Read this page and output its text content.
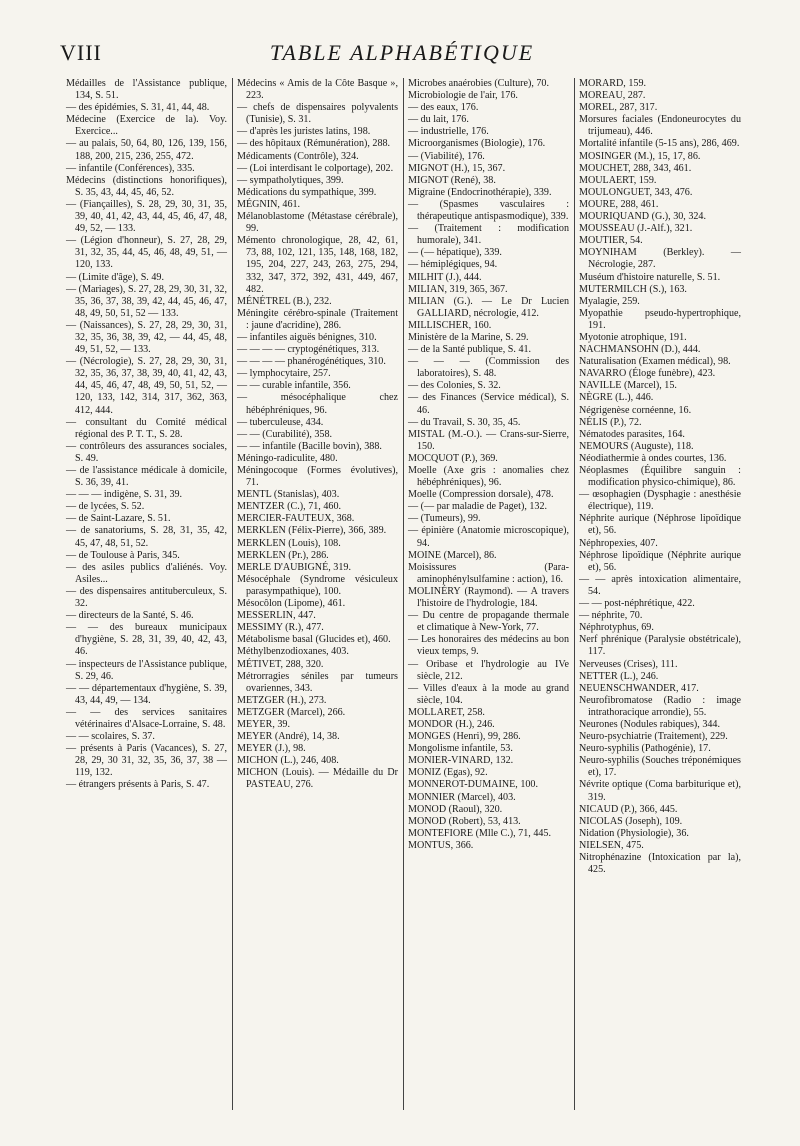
VIII	TABLE ALPHABÉTIQUE

Médailles de l'Assistance publique, 134, S. 51.

— des épidémies, S. 31, 41, 44, 48.

Médecine (Exercice de la). Voy. Exercice...

— au palais, 50, 64, 80, 126, 139, 156, 188, 200, 215, 236, 255, 472.

— infantile (Conférences), 335.

Médecins (distinctions honorifiques), S. 35, 43, 44, 45, 46, 52.

— (Fiançailles), S. 28, 29, 30, 31, 35, 39, 40, 41, 42, 43, 44, 45, 46, 47, 48, 49, 52, — 133.

— (Légion d'honneur), S. 27, 28, 29, 31, 32, 35, 44, 45, 46, 48, 49, 51, — 120, 133.

— (Limite d'âge), S. 49.

— (Mariages), S. 27, 28, 29, 30, 31, 32, 35, 36, 37, 38, 39, 42, 44, 45, 46, 47, 48, 49, 50, 51, 52 — 133.

— (Naissances), S. 27, 28, 29, 30, 31, 32, 35, 36, 38, 39, 42, — 44, 45, 48, 49, 51, 52, — 133.

— (Nécrologie), S. 27, 28, 29, 30, 31, 32, 35, 36, 37, 38, 39, 40, 41, 42, 43, 44, 45, 46, 47, 48, 49, 50, 51, 52, — 120, 133, 142, 314, 317, 362, 363, 412, 444.

— consultant du Comité médical régional des P. T. T., S. 28.

— contrôleurs des assurances sociales, S. 49.

— de l'assistance médicale à domicile, S. 36, 39, 41.

— — — indigène, S. 31, 39.

— de lycées, S. 52.

— de Saint-Lazare, S. 51.

— de sanatoriums, S. 28, 31, 35, 42, 45, 47, 48, 51, 52.

— de Toulouse à Paris, 345.

— des asiles publics d'aliénés. Voy. Asiles...

— des dispensaires antituberculeux, S. 32.

— directeurs de la Santé, S. 46.

— — des bureaux municipaux d'hygiène, S. 28, 31, 39, 40, 42, 43, 46.

— inspecteurs de l'Assistance publique, S. 29, 46.

— — départementaux d'hygiène, S. 39, 43, 44, 49, — 134.

— — des services sanitaires vétérinaires d'Alsace-Lorraine, S. 48.

— — scolaires, S. 37.

— présents à Paris (Vacances), S. 27, 28, 29, 30 31, 32, 35, 36, 37, 38 — 119, 132.

— étrangers présents à Paris, S. 47.

Médecins « Amis de la Côte Basque », 223.

— chefs de dispensaires polyvalents (Tunisie), S. 31.

— d'après les juristes latins, 198.

— des hôpitaux (Rémunération), 288.

Médicaments (Contrôle), 324.

— (Loi interdisant le colportage), 202.

— sympatholytiques, 399.

Médications du sympathique, 399.

MÉGNIN, 461.

Mélanoblastome (Métastase cérébrale), 99.

Mémento chronologique, 28, 42, 61, 73, 88, 102, 121, 135, 148, 168, 182, 195, 204, 227, 243, 263, 275, 294, 332, 347, 372, 392, 431, 449, 467, 482.

MÉNÉTREL (B.), 232.

Méningite cérébro-spinale (Traitement : jaune d'acridine), 286.

— infantiles aiguës bénignes, 310.

— — — — cryptogénétiques, 313.

— — — — phanérogénétiques, 310.

— lymphocytaire, 257.

— — curable infantile, 356.

— mésocéphalique chez hébéphréniques, 96.

— tuberculeuse, 434.

— — (Curabilité), 358.

— — infantile (Bacille bovin), 388.

Méningo-radiculite, 480.

Méningocoque (Formes évolutives), 71.

MENTL (Stanislas), 403.

MENTZER (C.), 71, 460.

MERCIER-FAUTEUX, 368.

MERKLEN (Félix-Pierre), 366, 389.

MERKLEN (Louis), 108.

MERKLEN (Pr.), 286.

MERLE D'AUBIGNÉ, 319.

Mésocéphale (Syndrome vésiculeux parasympathique), 100.

Mésocôlon (Lipome), 461.

MESSERLIN, 447.

MESSIMY (R.), 477.

Métabolisme basal (Glucides et), 460.

Méthylbenzodioxanes, 403.

MÉTIVET, 288, 320.

Métrorragies séniles par tumeurs ovariennes, 343.

METZGER (H.), 273.

METZGER (Marcel), 266.

MEYER, 39.

MEYER (André), 14, 38.

MEYER (J.), 98.

MICHON (L.), 246, 408.

MICHON (Louis). — Médaille du Dr PASTEAU, 276.

Microbes anaérobies (Culture), 70.

Microbiologie de l'air, 176.

— des eaux, 176.

— du lait, 176.

— industrielle, 176.

Microorganismes (Biologie), 176.

— (Viabilité), 176.

MIGNOT (H.), 15, 367.

MIGNOT (René), 38.

Migraine (Endocrinothérapie), 339.

— (Spasmes vasculaires : thérapeutique antispasmodique), 339.

— (Traitement : modification humorale), 341.

— (— hépatique), 339.

— hémiplégiques, 94.

MILHIT (J.), 444.

MILIAN, 319, 365, 367.

MILIAN (G.). — Le Dr Lucien GALLIARD, nécrologie, 412.

MILLISCHER, 160.

Ministère de la Marine, S. 29.

— de la Santé publique, S. 41.

— — — (Commission des laboratoires), S. 48.

— des Colonies, S. 32.

— des Finances (Service médical), S. 46.

— du Travail, S. 30, 35, 45.

MISTAL (M.-O.). — Crans-sur-Sierre, 150.

MOCQUOT (P.), 369.

Moelle (Axe gris : anomalies chez hébéphréniques), 96.

Moelle (Compression dorsale), 478.

— (— par maladie de Paget), 132.

— (Tumeurs), 99.

— épinière (Anatomie microscopique), 94.

MOINE (Marcel), 86.

Moisissures (Para-aminophénylsulfamine : action), 16.

MOLINÉRY (Raymond). — A travers l'histoire de l'hydrologie, 184.

— Du centre de propagande thermale et climatique à New-York, 77.

— Les honoraires des médecins au bon vieux temps, 9.

— Oribase et l'hydrologie au IVe siècle, 212.

— Villes d'eaux à la mode au grand siècle, 104.

MOLLARET, 258.

MONDOR (H.), 246.

MONGES (Henri), 99, 286.

Mongolisme infantile, 53.

MONIER-VINARD, 132.

MONIZ (Egas), 92.

MONNEROT-DUMAINE, 100.

MONNIER (Marcel), 403.

MONOD (Raoul), 320.

MONOD (Robert), 53, 413.

MONTEFIORE (Mlle C.), 71, 445.

MONTUS, 366.

MORARD, 159.

MOREAU, 287.

MOREL, 287, 317.

Morsures faciales (Endoneurocytes du trijumeau), 446.

Mortalité infantile (5-15 ans), 286, 469.

MOSINGER (M.), 15, 17, 86.

MOUCHET, 288, 343, 461.

MOULAERT, 159.

MOULONGUET, 343, 476.

MOURE, 288, 461.

MOURIQUAND (G.), 30, 324.

MOUSSEAU (J.-Alf.), 321.

MOUTIER, 54.

MOYNIHAM (Berkley). — Nécrologie, 287.

Muséum d'histoire naturelle, S. 51.

MUTERMILCH (S.), 163.

Myalagie, 259.

Myopathie pseudo-hypertrophique, 191.

Myotonie atrophique, 191.

NACHMANSOHN (D.), 444.

Naturalisation (Examen médical), 98.

NAVARRO (Éloge funèbre), 423.

NAVILLE (Marcel), 15.

NÈGRE (L.), 446.

Négrigenèse cornéenne, 16.

NÉLIS (P.), 72.

Nématodes parasites, 164.

NEMOURS (Auguste), 118.

Néodiathermie à ondes courtes, 136.

Néoplasmes (Équilibre sanguin : modification physico-chimique), 86.

— œsophagien (Dysphagie : anesthésie électrique), 119.

Néphrite aurique (Néphrose lipoïdique et), 56.

Néphropexies, 407.

Néphrose lipoïdique (Néphrite aurique et), 56.

— — après intoxication alimentaire, 54.

— — post-néphrétique, 422.

— néphrite, 70.

Néphrotyphus, 69.

Nerf phrénique (Paralysie obstétricale), 117.

Nerveuses (Crises), 111.

NETTER (L.), 246.

NEUENSCHWANDER, 417.

Neurofibromatose (Radio : image intrathoracique arrondie), 55.

Neurones (Nodules rabiques), 344.

Neuro-psychiatrie (Traitement), 229.

Neuro-syphilis (Pathogénie), 17.

Neuro-syphilis (Souches tréponémiques et), 17.

Névrite optique (Coma barbiturique et), 319.

NICAUD (P.), 366, 445.

NICOLAS (Joseph), 109.

Nidation (Physiologie), 36.

NIELSEN, 475.

Nitrophénazine (Intoxication par la), 425.
